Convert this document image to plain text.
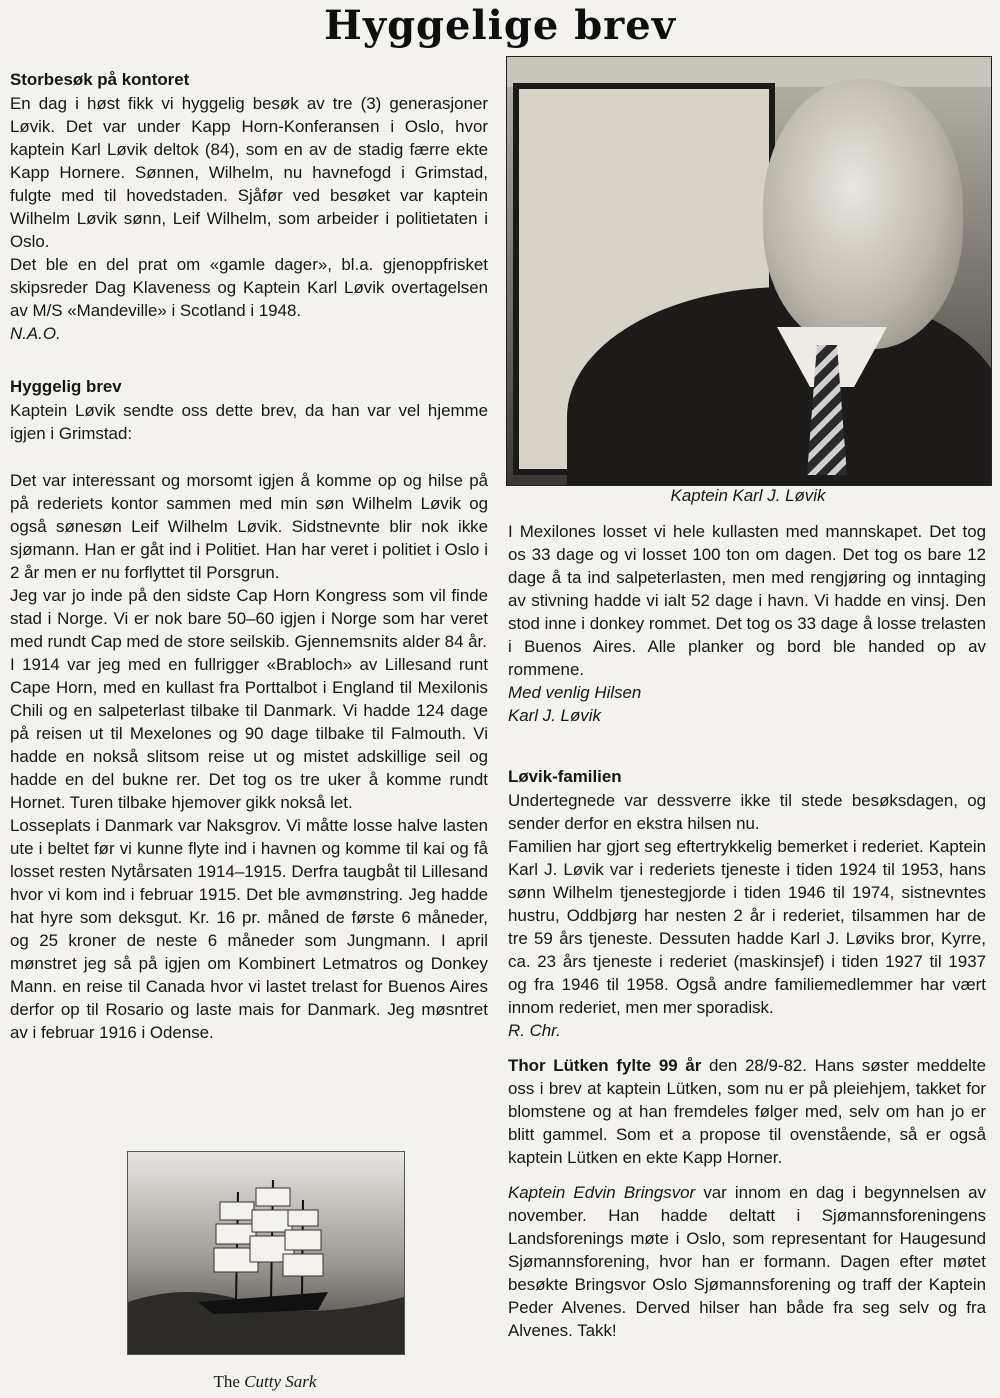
Hyggelige brev
Storbesøk på kontoret

En dag i høst fikk vi hyggelig besøk av tre (3) generasjoner Løvik. Det var under Kapp Horn-Konferansen i Oslo, hvor kaptein Karl Løvik deltok (84), som en av de stadig færre ekte Kapp Hornere. Sønnen, Wilhelm, nu havnefogd i Grimstad, fulgte med til hovedstaden. Sjåfør ved besøket var kaptein Wilhelm Løvik sønn, Leif Wilhelm, som arbeider i politietaten i Oslo.

Det ble en del prat om «gamle dager», bl.a. gjenoppfrisket skipsreder Dag Klaveness og Kaptein Karl Løvik overtagelsen av M/S «Mandeville» i Scotland i 1948.

N.A.O.

Hyggelig brev

Kaptein Løvik sendte oss dette brev, da han var vel hjemme igjen i Grimstad:

Det var interessant og morsomt igjen å komme op og hilse på på rederiets kontor sammen med min søn Wilhelm Løvik og også sønesøn Leif Wilhelm Løvik. Sidstnevnte blir nok ikke sjømann. Han er gåt ind i Politiet. Han har veret i politiet i Oslo i 2 år men er nu forflyttet til Porsgrun.

Jeg var jo inde på den sidste Cap Horn Kongress som vil finde stad i Norge. Vi er nok bare 50–60 igjen i Norge som har veret med rundt Cap med de store seilskib. Gjennemsnits alder 84 år.

I 1914 var jeg med en fullrigger «Brabloch» av Lillesand runt Cape Horn, med en kullast fra Porttalbot i England til Mexilonis Chili og en salpeterlast tilbake til Danmark. Vi hadde 124 dage på reisen ut til Mexelones og 90 dage tilbake til Falmouth. Vi hadde en nokså slitsom reise ut og mistet adskillige seil og hadde en del bukne rer. Det tog os tre uker å komme rundt Hornet. Turen tilbake hjemover gikk nokså let.

Losseplats i Danmark var Naksgrov. Vi måtte losse halve lasten ute i beltet før vi kunne flyte ind i havnen og komme til kai og få losset resten Nytårsaten 1914–1915. Derfra taugbåt til Lillesand hvor vi kom ind i februar 1915. Det ble avmønstring. Jeg hadde hat hyre som deksgut. Kr. 16 pr. måned de første 6 måneder, og 25 kroner de neste 6 måneder som Jungmann. I april mønstret jeg så på igjen om Kombinert Letmatros og Donkey Mann. en reise til Canada hvor vi lastet trelast for Buenos Aires derfor op til Rosario og laste mais for Danmark. Jeg møsntret av i februar 1916 i Odense.

Kaptein Karl J. Løvik

I Mexilones losset vi hele kullasten med mannskapet. Det tog os 33 dage og vi losset 100 ton om dagen. Det tog os bare 12 dage å ta ind salpeterlasten, men med rengjøring og inntaging av stivning hadde vi ialt 52 dage i havn. Vi hadde en vinsj. Den stod inne i donkey rommet. Det tog os 33 dage å losse trelasten i Buenos Aires. Alle planker og bord ble handed op av rommene.

Med venlig Hilsen

Karl J. Løvik

Løvik-familien

Undertegnede var dessverre ikke til stede besøksdagen, og sender derfor en ekstra hilsen nu.

Familien har gjort seg eftertrykkelig bemerket i rederiet. Kaptein Karl J. Løvik var i rederiets tjeneste i tiden 1924 til 1953, hans sønn Wilhelm tjenestegjorde i tiden 1946 til 1974, sistnevntes hustru, Oddbjørg har nesten 2 år i rederiet, tilsammen har de tre 59 års tjeneste. Dessuten hadde Karl J. Løviks bror, Kyrre, ca. 23 års tjeneste i rederiet (maskinsjef) i tiden 1927 til 1937 og fra 1946 til 1958. Også andre familiemedlemmer har vært innom rederiet, men mer sporadisk.

R. Chr.

Thor Lütken fylte 99 år den 28/9-82. Hans søster meddelte oss i brev at kaptein Lütken, som nu er på pleiehjem, takket for blomstene og at han fremdeles følger med, selv om han jo er blitt gammel. Som et a propose til ovenstående, så er også kaptein Lütken en ekte Kapp Horner.

Kaptein Edvin Bringsvor var innom en dag i begynnelsen av november. Han hadde deltatt i Sjømannsforeningens Landsforenings møte i Oslo, som representant for Haugesund Sjømannsforening, hvor han er formann. Dagen efter møtet besøkte Bringsvor Oslo Sjømannsforening og traff der Kaptein Peder Alvenes. Derved hilser han både fra seg selv og fra Alvenes. Takk!

The Cutty Sark
